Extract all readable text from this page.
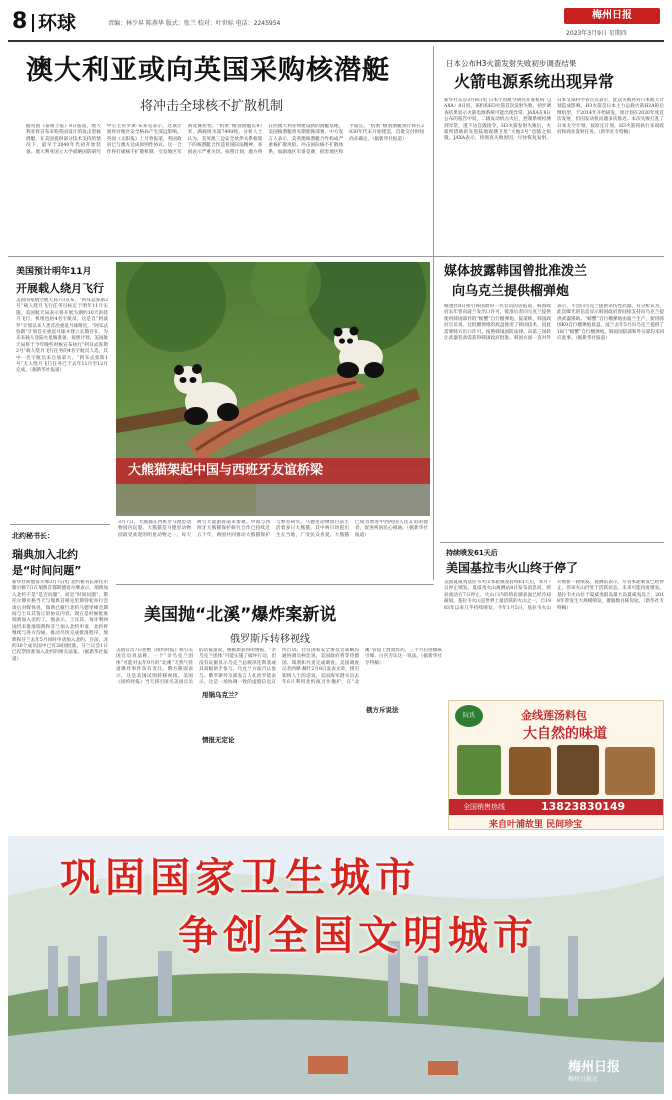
8 环球	责编：林少昇 陈燕华 版式：张兰 校对：叶世标 电话：2245954
梅州日报
2023年3月9日 星期四
澳大利亚或向英国采购核潜艇
将冲击全球核不扩散机制
据英国《泰晤士报》8日报道，澳大利亚将宣布采购英国设计的攻击型核潜艇，在美国提供部分技术支持的情况下，最早于2040年代初开始装备。澳大利亚国立大学战略国防研究中心主管罗斯·布莱克表示，这项计划将对地区安全格局产生深远影响。英国《太阳报》上月曾报道，英国政府已与澳方达成原则性协议。这一合作将打破核不扩散机制，引发地区军备竞赛担忧。“机密”级别潜艇长97米，满载排水量7400吨。分析人士认为，美英澳三边安全伙伴关系框架下的核潜艇合作违背国际法精神，多国表示严重关切。按照计划，澳方将在西澳大利亚州建设新的潜艇基地，美国核潜艇将先期轮换部署。中方发言人表示，美英澳核潜艇合作构成严重核扩散风险，冲击国际核不扩散体系，加剧地区军备竞赛，损害地区和平稳定。“机密”级别潜艇预计将在2030年代末开始建造，首批交付时间尚未确定。（据新华社报道）
日本公布H3火箭发射失败初步调查结果
火箭电源系统出现异常
新华社东京3月8日电 日本宇宙航空研究开发机构（JAXA）8日说，该机构H3火箭首次发射失败，初步调查结果显示火箭电源系统可能出现异常。JAXA在8日公布的报告中说，二级发动机点火后，控制系统检测到异常，遂下达自毁指令。H3火箭发射失败后，火箭所搭载的先进陆地观测卫星“大地3号”也随之损毁。JAXA表示，将彻查失败原因，尽快恢复发射。日本文部科学省官员表示，此次失败将对日本航天计划造成影响。H3火箭是日本主力运载火箭H2A的后继机型，于2014年开始研发，原计划在2020年度首次发射，但因发动机问题多次推迟。本次失败打乱了日本太空计划，按原定计划，H3火箭将执行多项政府和商业发射任务。（新华社专特稿）
美国预计明年11月
开展载人绕月飞行
美国国家航空航天局7日宣布，“阿耳忒弥斯2号”载人绕月飞行任务目标定于明年11月实施。美国航天局表示将开展为期约10天的绕月飞行，机组包括4名宇航员。这是自“阿波罗”计划以来人类首次重返月球附近。“阿耳忒弥斯”计划旨在重返月球并建立长期存在，为未来载人登陆火星做准备。按照计划，美国航天局将于今年晚些时候宣布执行“阿耳忒弥斯2号”载人绕月飞行任务的4名宇航员人选，其中一名宇航员来自加拿大。“阿耳忒弥斯1号”无人绕月飞行任务已于去年11月至12月完成。（据新华社报道）
北约秘书长：
瑞典加入北约
是“时间问题”
新华社斯德哥尔摩3月7日电 北约秘书长斯托尔滕贝格7日在瑞典首都斯德哥尔摩表示，瑞典加入北约不是“是否问题”，而是“时间问题”。斯托尔滕贝格当天与瑞典首相克里斯特松举行会谈后对媒体说，瑞典已履行北约马德里峰会期间与土耳其签订的协议内容，现在是时候批准瑞典加入北约了。他表示，土耳其、匈牙利两国仍未批准瑞典和芬兰加入北约申请，北约将继续与各方沟通，推动尽快完成批准程序。瑞典和芬兰去年5月同时申请加入北约。目前，北约30个成员国中已有28国批准。芬兰议会1日已投票批准加入北约的相关法案。（据新华社报道）
大熊猫架起中国与西班牙友谊桥梁
3月7日，大熊猫在西班牙马德里动物园内玩耍。大熊猫是马德里动物园最受欢迎的明星动物之一，每天吸引大量游客前来参观。中国与西班牙大熊猫保护研究合作已持续近五十年，两国共同推动大熊猫保护与繁育研究。马德里动物园目前生活着多只大熊猫，其中两只幼崽出生在当地，广受民众喜爱。大熊猫已成为增进中西两国人民友谊的使者，促进两国民心相通。（据新华社报道）
媒体披露韩国曾批准泼兰
向乌克兰提供榴弹炮
路透社8日援引韩国政府一名官员的话报道，韩国政府去年曾向波兰发出口许可，批准后者向乌克兰提供使用韩国部件的“螃蟹”自行榴弹炮。报道称，韩国政府官员说，这批榴弹炮的底盘使用了韩国技术，因此需要韩方出口许可。按照韩国国防法律，向第三国转让武器装备需获得韩国政府批准。韩国方面一直对外表示，不会向乌克兰提供杀伤性武器。有分析认为，此次曝光的信息显示韩国政府曾间接支持向乌克兰提供武器援助。“螃蟹”自行榴弹炮由波兰生产，使用韩国K9自行榴弹炮底盘。波兰去年5月向乌克兰提供了18门“螃蟹”自行榴弹炮。韩国国防部和外交部均未回应此事。（据新华社报道）
持续喷发61天后
美国基拉韦火山终于停了
美国夏威夷基拉韦火山本轮喷发持续61天后，本月7日停止喷发。夏威夷火山观测站8日发布消息说，熔岩流动在7日停止，火山口内的熔岩湖表面已经冷却凝固。基拉韦火山是世界上最活跃的火山之一，自1983年以来几乎持续喷发。今年1月5日，基拉韦火山开始新一轮喷发。观测站表示，尽管本轮喷发已经停止，但该火山仍处于活跃状态，未来可能再度喷发。基拉韦火山位于夏威夷群岛最大岛夏威夷岛上，2018年曾发生大规模喷发，摧毁数百栋房屋。（新华社专特稿）
美国抛“北溪”爆炸案新说
俄罗斯斥转移视线
美国官员7日拒绝《纽约时报》援引美国官员说法称，一个“亲乌克兰团体”可能对去年9月的“北溪”天然气管道爆炸事件负有责任。俄方随即表示，这是美国试图转移视线。美国《纽约时报》当天援引匿名美国官员的话报道说，根据新获得的情报，“亲乌克兰团体”可能实施了破坏行动，但没有证据显示乌克兰总统泽连斯基或其高级助手参与。乌克兰方面否认参与。俄罗斯外交部发言人扎哈罗娃表示，这是一场协调一致的虚假信息宣传行动。白宫国家安全委员会战略沟通协调员柯比说，美国政府将等待德国、瑞典和丹麦完成调查。美国调查记者西摩·赫什2月8日发表文章，援引知情人士的话说，美国海军潜水员去年6月利用北约演习作掩护，在“北溪”管道上放置炸药，三个月后由挪威引爆。白宫否认这一说法。（据新华社专特稿）
甩锅乌克兰？
情报无定论
俄方斥说法
阮氏	金线莲汤料包
大自然的味道
全国销售热线	13823830149
来自叶浦故里 民间珍宝
巩固国家卫生城市
争创全国文明城市
梅州日报
梅州日报社
